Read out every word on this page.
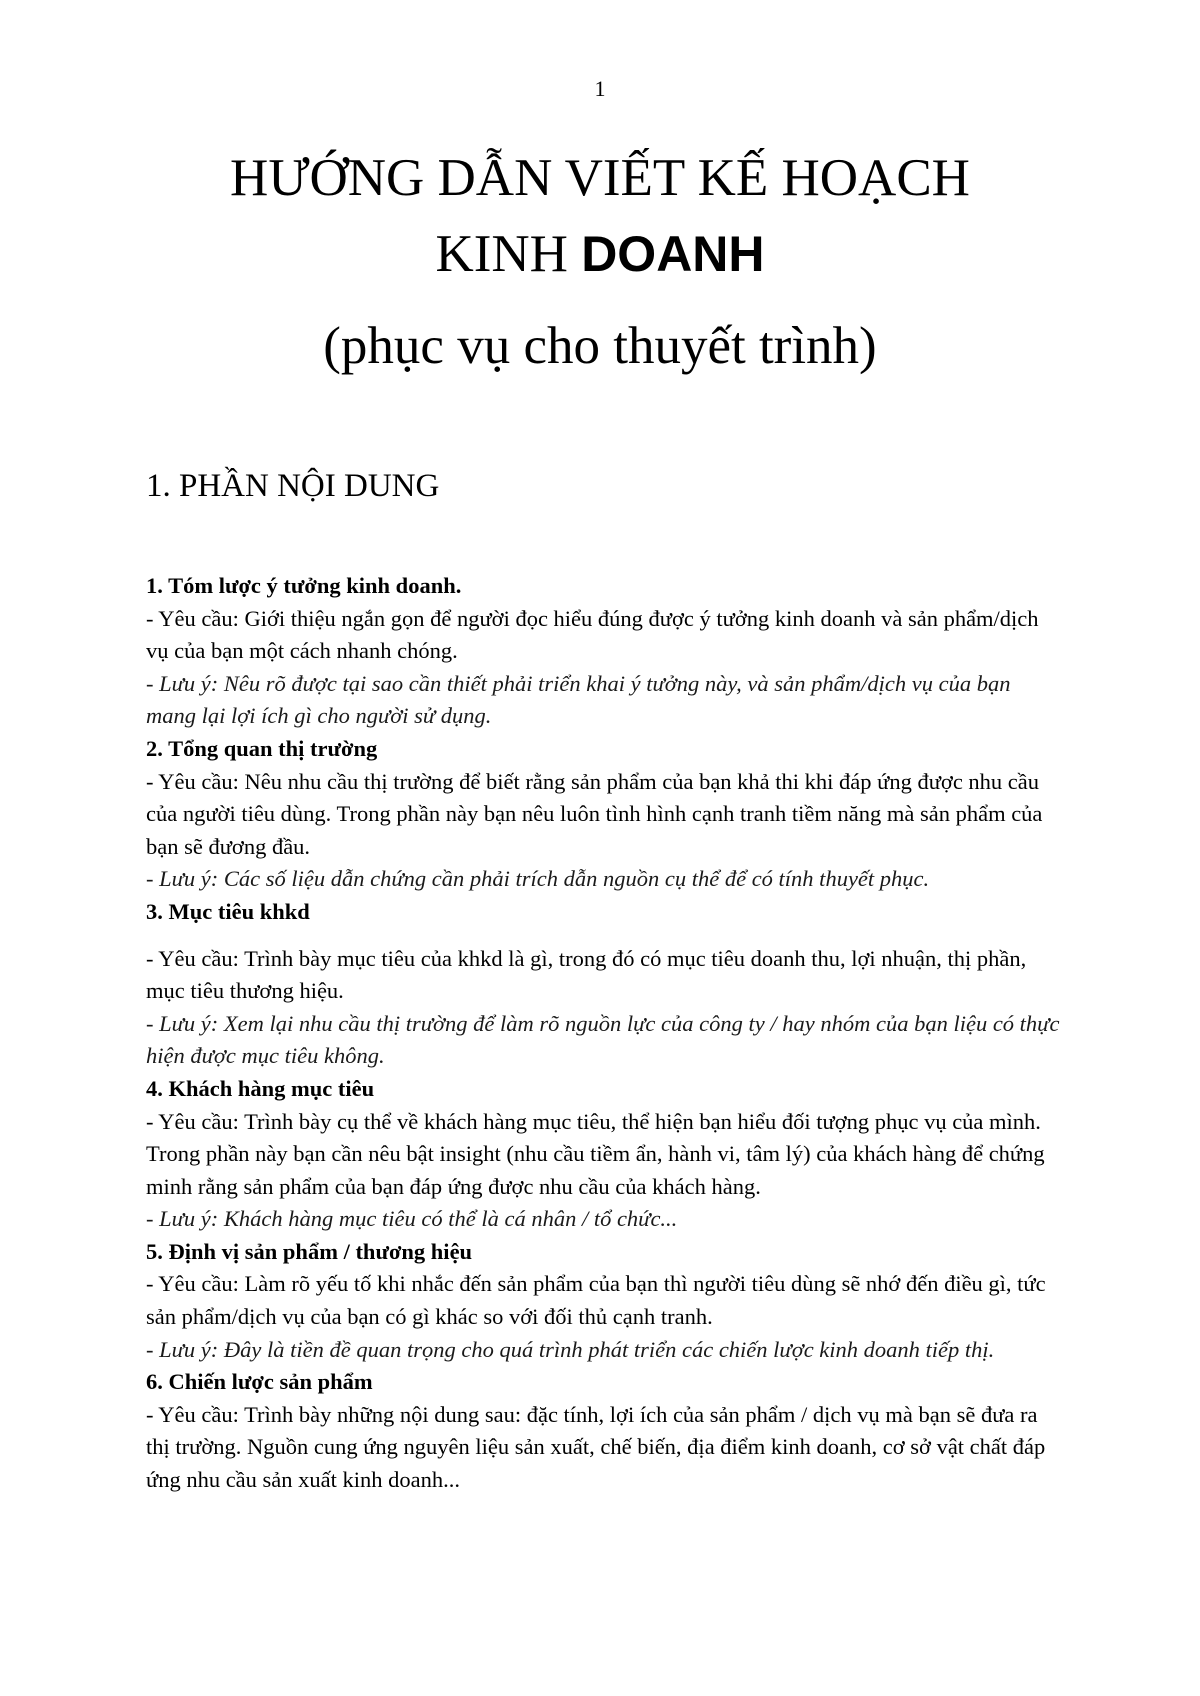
1
HƯỚNG DẪN VIẾT KẾ HOẠCH
KINH DOANH
(phục vụ cho thuyết trình)
1. PHẦN NỘI DUNG

1. Tóm lược ý tưởng kinh doanh.

- Yêu cầu: Giới thiệu ngắn gọn để người đọc hiểu đúng được ý tưởng kinh doanh và sản phẩm/dịch vụ của bạn một cách nhanh chóng.

- Lưu ý: Nêu rõ được tại sao cần thiết phải triển khai ý tưởng này, và sản phẩm/dịch vụ của bạn mang lại lợi ích gì cho người sử dụng.

2. Tổng quan thị trường

- Yêu cầu: Nêu nhu cầu thị trường để biết rằng sản phẩm của bạn khả thi khi đáp ứng được nhu cầu của người tiêu dùng. Trong phần này bạn nêu luôn tình hình cạnh tranh tiềm năng mà sản phẩm của bạn sẽ đương đầu.

- Lưu ý: Các số liệu dẫn chứng cần phải trích dẫn nguồn cụ thể để có tính thuyết phục.

3. Mục tiêu khkd

- Yêu cầu: Trình bày mục tiêu của khkd là gì, trong đó có mục tiêu doanh thu, lợi nhuận, thị phần, mục tiêu thương hiệu.

- Lưu ý: Xem lại nhu cầu thị trường để làm rõ nguồn lực của công ty / hay nhóm của bạn liệu có thực hiện được mục tiêu không.

4. Khách hàng mục tiêu

- Yêu cầu: Trình bày cụ thể về khách hàng mục tiêu, thể hiện bạn hiểu đối tượng phục vụ của mình. Trong phần này bạn cần nêu bật insight (nhu cầu tiềm ẩn, hành vi, tâm lý) của khách hàng để chứng minh rằng sản phẩm của bạn đáp ứng được nhu cầu của khách hàng.

- Lưu ý: Khách hàng mục tiêu có thể là cá nhân / tổ chức...

5. Định vị sản phẩm / thương hiệu

- Yêu cầu: Làm rõ yếu tố khi nhắc đến sản phẩm của bạn thì người tiêu dùng sẽ nhớ đến điều gì, tức sản phẩm/dịch vụ của bạn có gì khác so với đối thủ cạnh tranh.

- Lưu ý: Đây là tiền đề quan trọng cho quá trình phát triển các chiến lược kinh doanh tiếp thị.

6. Chiến lược sản phẩm

- Yêu cầu: Trình bày những nội dung sau: đặc tính, lợi ích của sản phẩm / dịch vụ mà bạn sẽ đưa ra thị trường. Nguồn cung ứng nguyên liệu sản xuất, chế biến, địa điểm kinh doanh, cơ sở vật chất đáp ứng nhu cầu sản xuất kinh doanh...
